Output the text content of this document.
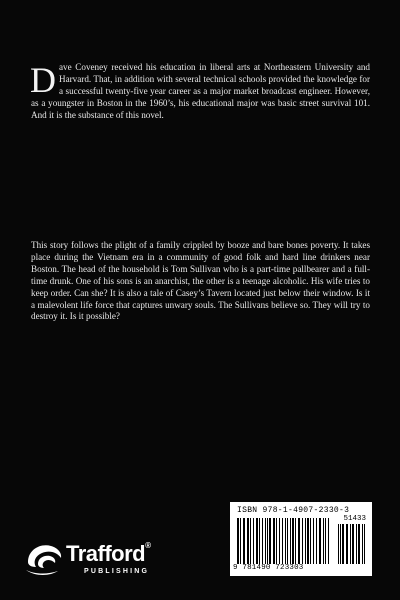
Dave Coveney received his education in liberal arts at Northeastern University and Harvard. That, in addition with several technical schools provided the knowledge for a successful twenty-five year career as a major market broadcast engineer. However, as a youngster in Boston in the 1960’s, his educational major was basic street survival 101. And it is the substance of this novel.

This story follows the plight of a family crippled by booze and bare bones poverty. It takes place during the Vietnam era in a community of good folk and hard line drinkers near Boston. The head of the household is Tom Sullivan who is a part-time pallbearer and a full-time drunk. One of his sons is an anarchist, the other is a teenage alcoholic. His wife tries to keep order. Can she? It is also a tale of Casey’s Tavern located just below their window. Is it a malevolent life force that captures unwary souls. The Sullivans believe so. They will try to destroy it. Is it possible?

ISBN 978-1-4907-2330-3
51433
9 781490 723303
Trafford®
PUBLISHING
